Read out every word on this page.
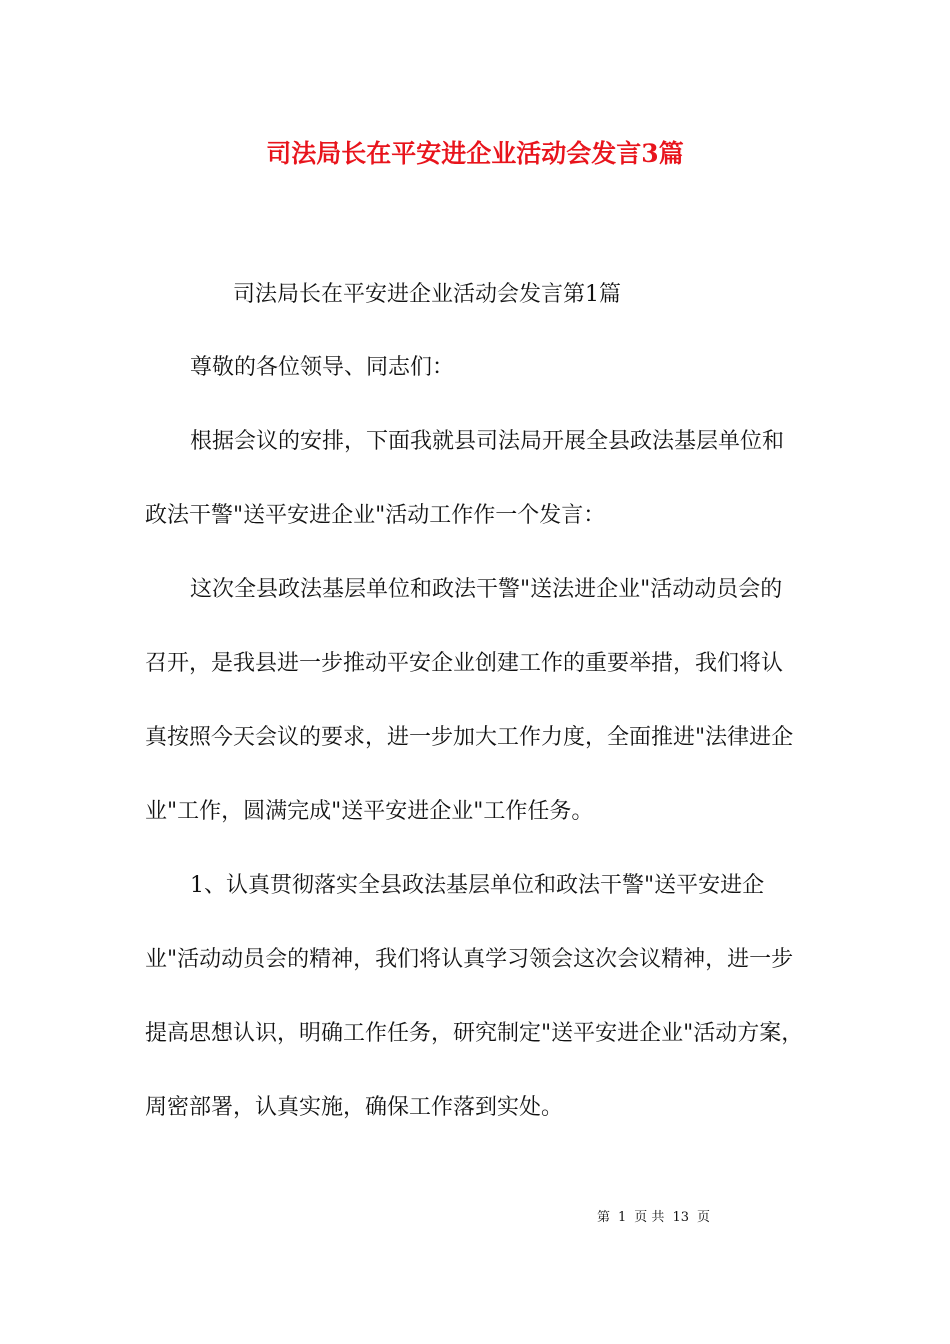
司法局长在平安进企业活动会发言3篇
司法局长在平安进企业活动会发言第1篇
尊敬的各位领导、同志们：
根据会议的安排，下面我就县司法局开展全县政法基层单位和
政法干警"送平安进企业"活动工作作一个发言：
这次全县政法基层单位和政法干警"送法进企业"活动动员会的
召开，是我县进一步推动平安企业创建工作的重要举措，我们将认
真按照今天会议的要求，进一步加大工作力度，全面推进"法律进企
业"工作，圆满完成"送平安进企业"工作任务。
1、认真贯彻落实全县政法基层单位和政法干警"送平安进企
业"活动动员会的精神，我们将认真学习领会这次会议精神，进一步
提高思想认识，明确工作任务，研究制定"送平安进企业"活动方案，
周密部署，认真实施，确保工作落到实处。
第 1 页 共 13 页
